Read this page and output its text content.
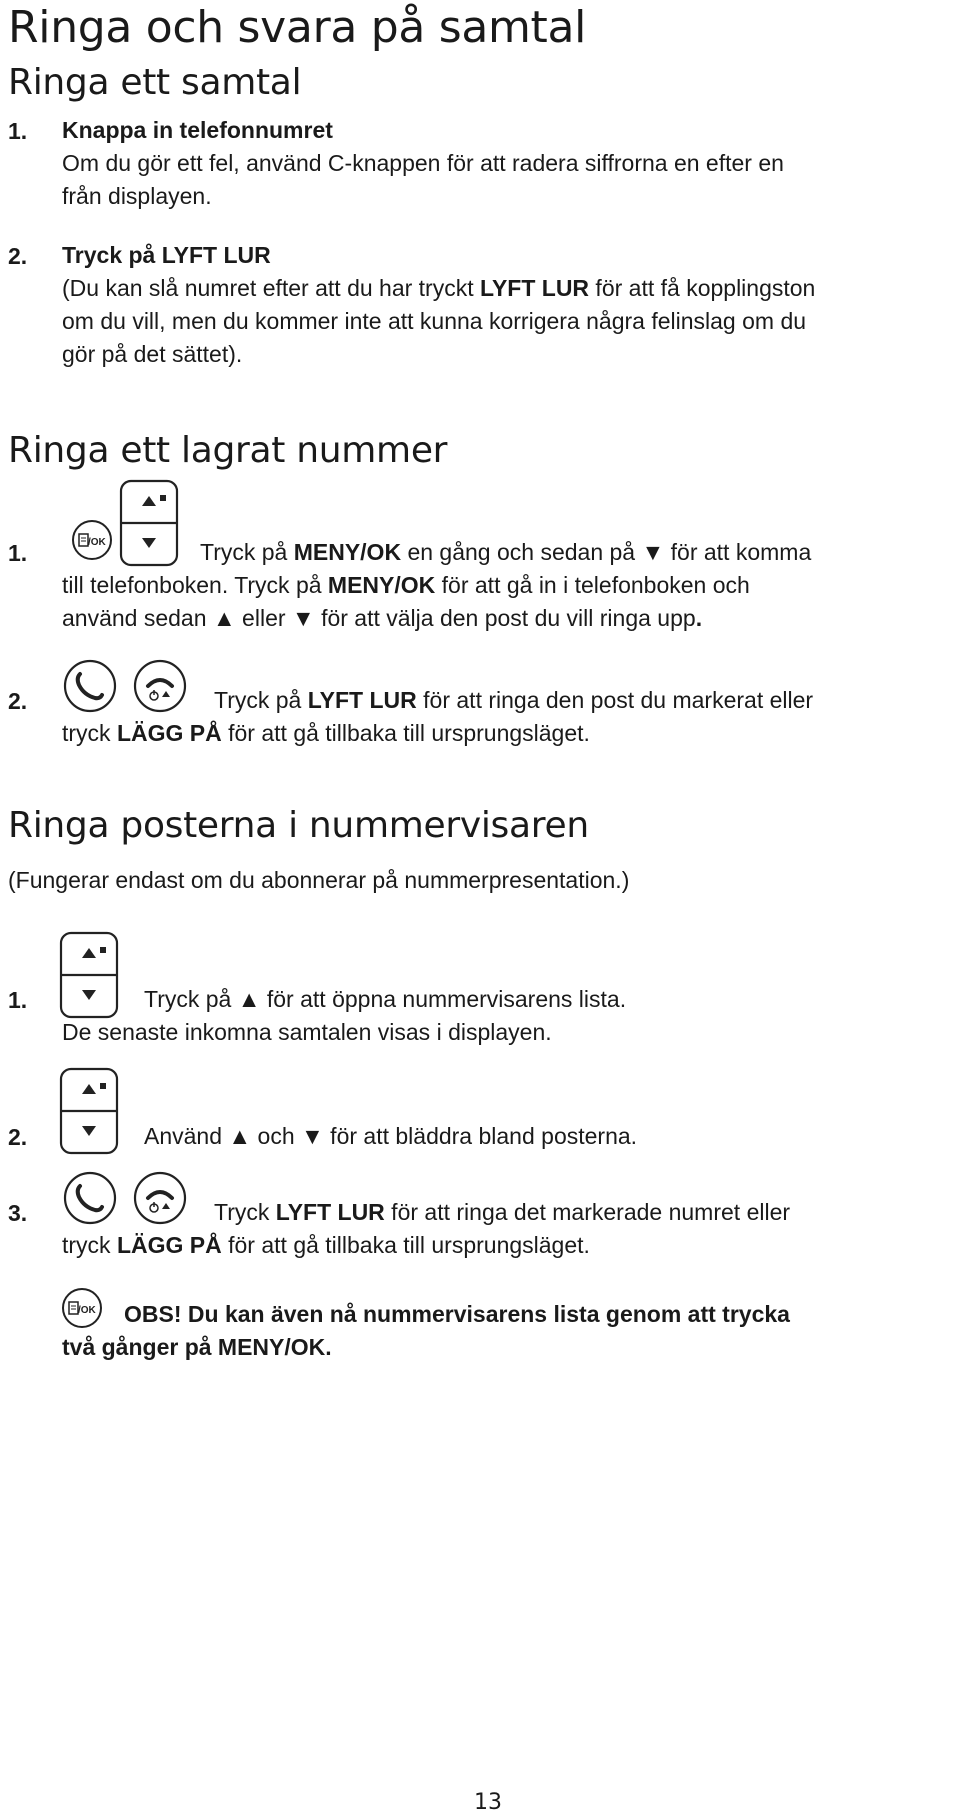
Ringa och svara på samtal
Ringa ett samtal
1. Knappa in telefonnumret
Om du gör ett fel, använd C-knappen för att radera siffrorna en efter en
från displayen.
2. Tryck på LYFT LUR
(Du kan slå numret efter att du har tryckt LYFT LUR för att få kopplingston
om du vill, men du kommer inte att kunna korrigera några felinslag om du
gör på det sättet).
Ringa ett lagrat nummer
/OK
1.	Tryck på MENY/OK en gång och sedan på ▼ för att komma
till telefonboken. Tryck på MENY/OK för att gå in i telefonboken och
använd sedan ▲ eller ▼ för att välja den post du vill ringa upp.
2.	Tryck på LYFT LUR för att ringa den post du markerat eller
tryck LÄGG PÅ för att gå tillbaka till ursprungsläget.
Ringa posterna i nummervisaren
(Fungerar endast om du abonnerar på nummerpresentation.)
1.	Tryck på ▲ för att öppna nummervisarens lista.
De senaste inkomna samtalen visas i displayen.
2.	Använd ▲ och ▼ för att bläddra bland posterna.
3.	Tryck LYFT LUR för att ringa det markerade numret eller
tryck LÄGG PÅ för att gå tillbaka till ursprungsläget.
/OK OBS! Du kan även nå nummervisarens lista genom att trycka
två gånger på MENY/OK.
13
